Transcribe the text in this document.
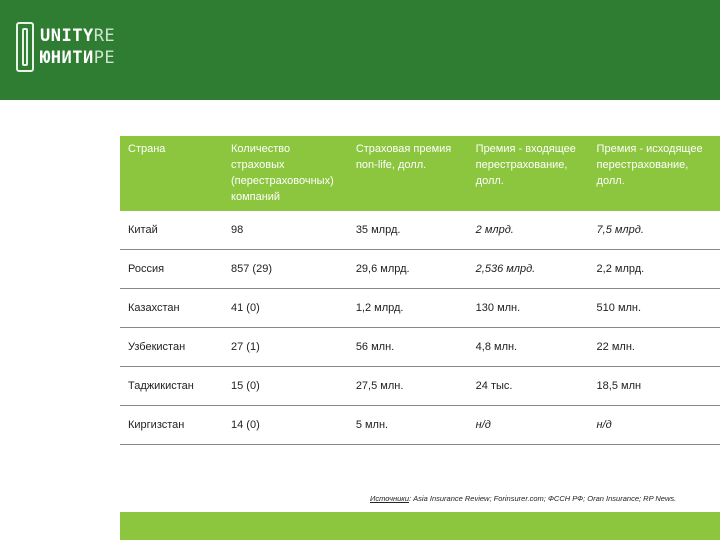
UNITYRE
ЮНИТИРЕ
Страна	Количество страховых (перестраховочных) компаний	Страховая премия non-life, долл.	Премия - входящее перестрахование, долл.	Премия - исходящее перестрахование, долл.
Китай	98	35 млрд.	2 млрд.	7,5 млрд.
Россия	857 (29)	29,6 млрд.	2,536 млрд.	2,2 млрд.
Казахстан	41 (0)	1,2 млрд.	130 млн.	510 млн.
Узбекистан	27 (1)	56 млн.	4,8 млн.	22 млн.
Таджикистан	15 (0)	27,5 млн.	24 тыс.	18,5 млн
Киргизстан	14 (0)	5 млн.	н/д	н/д
Источники: Asia Insurance Review; Forinsurer.com; ФССН РФ; Oran Insurance; RP News.
